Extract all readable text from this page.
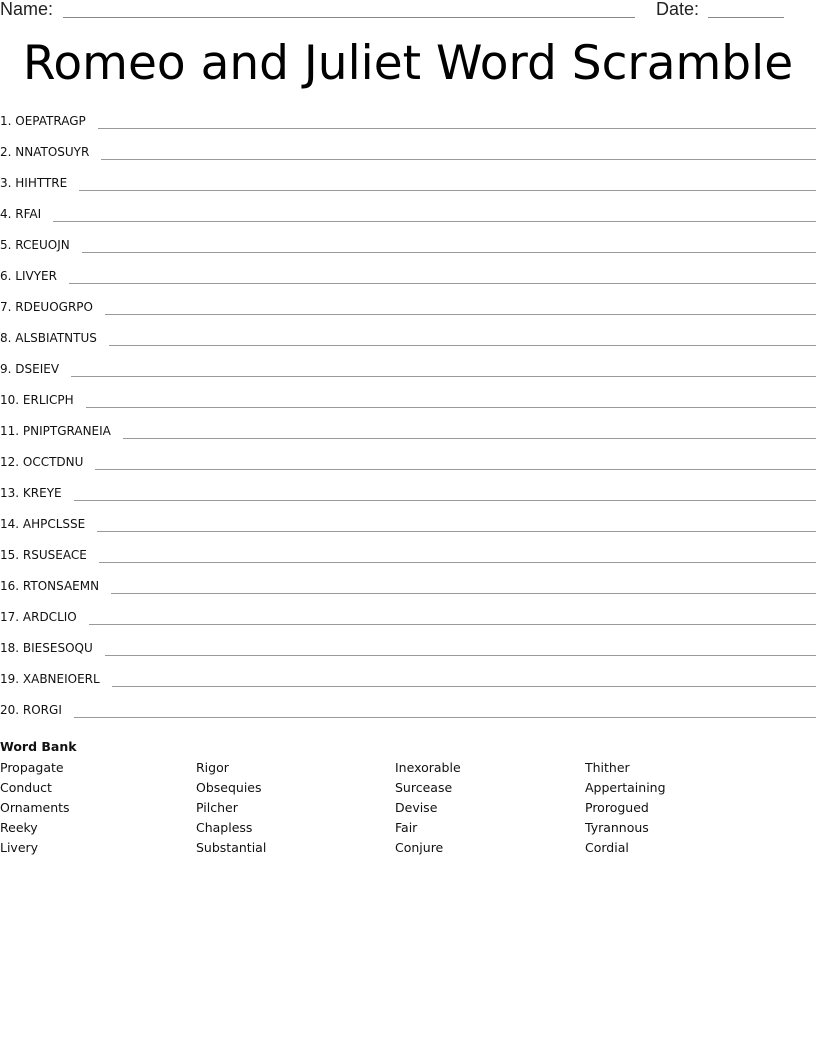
Name:	Date:
Romeo and Juliet Word Scramble
1. OEPATRAGP
2. NNATOSUYR
3. HIHTTRE
4. RFAI
5. RCEUOJN
6. LIVYER
7. RDEUOGRPO
8. ALSBIATNTUS
9. DSEIEV
10. ERLICPH
11. PNIPTGRANEIA
12. OCCTDNU
13. KREYE
14. AHPCLSSE
15. RSUSEACE
16. RTONSAEMN
17. ARDCLIO
18. BIESESOQU
19. XABNEIOERL
20. RORGI
Word Bank
Propagate
Conduct
Ornaments
Reeky
Livery
Rigor
Obsequies
Pilcher
Chapless
Substantial
Inexorable
Surcease
Devise
Fair
Conjure
Thither
Appertaining
Prorogued
Tyrannous
Cordial
